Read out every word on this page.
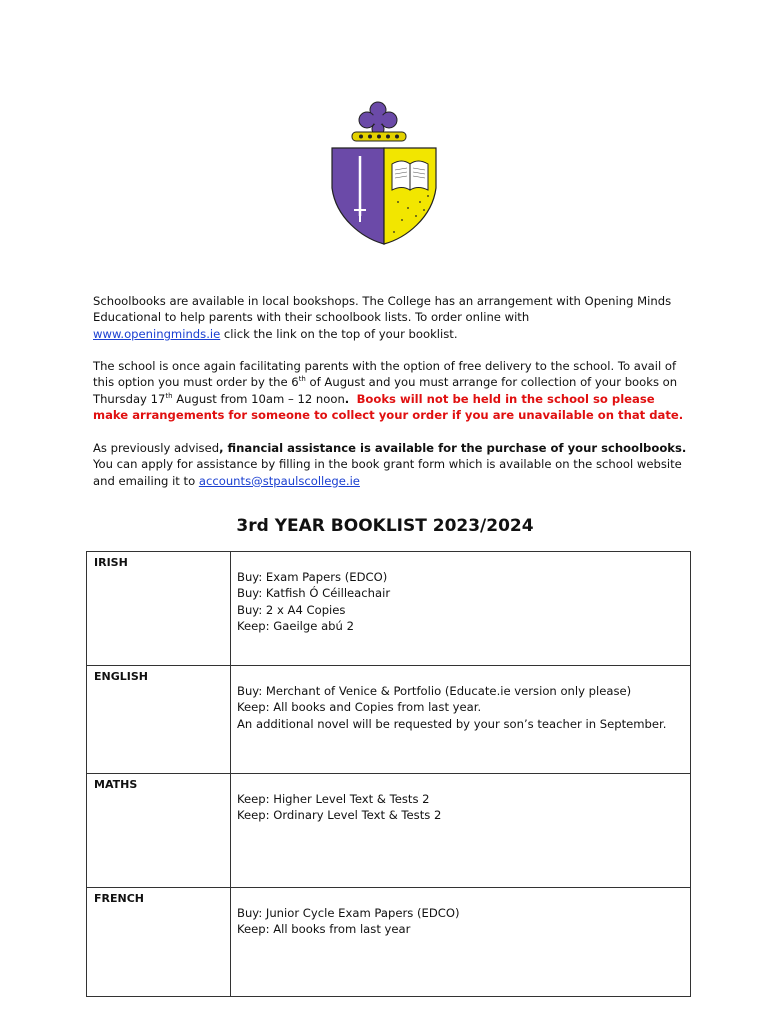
Schoolbooks are available in local bookshops. The College has an arrangement with Opening Minds Educational to help parents with their schoolbook lists. To order online with
www.openingminds.ie click the link on the top of your booklist.
The school is once again facilitating parents with the option of free delivery to the school. To avail of this option you must order by the 6th of August and you must arrange for collection of your books on Thursday 17th August from 10am – 12 noon. Books will not be held in the school so please make arrangements for someone to collect your order if you are unavailable on that date.
As previously advised, financial assistance is available for the purchase of your schoolbooks. You can apply for assistance by filling in the book grant form which is available on the school website and emailing it to accounts@stpaulscollege.ie
3rd YEAR BOOKLIST 2023/2024
IRISH	Buy: Exam Papers (EDCO)
Buy: Katfish Ó Céilleachair
Buy: 2 x A4 Copies
Keep: Gaeilge abú 2

ENGLISH	Buy: Merchant of Venice & Portfolio (Educate.ie version only please)
Keep: All books and Copies from last year.
An additional novel will be requested by your son’s teacher in September.

MATHS	Keep: Higher Level Text & Tests 2
Keep: Ordinary Level Text & Tests 2

FRENCH	Buy: Junior Cycle Exam Papers (EDCO)
Keep: All books from last year
